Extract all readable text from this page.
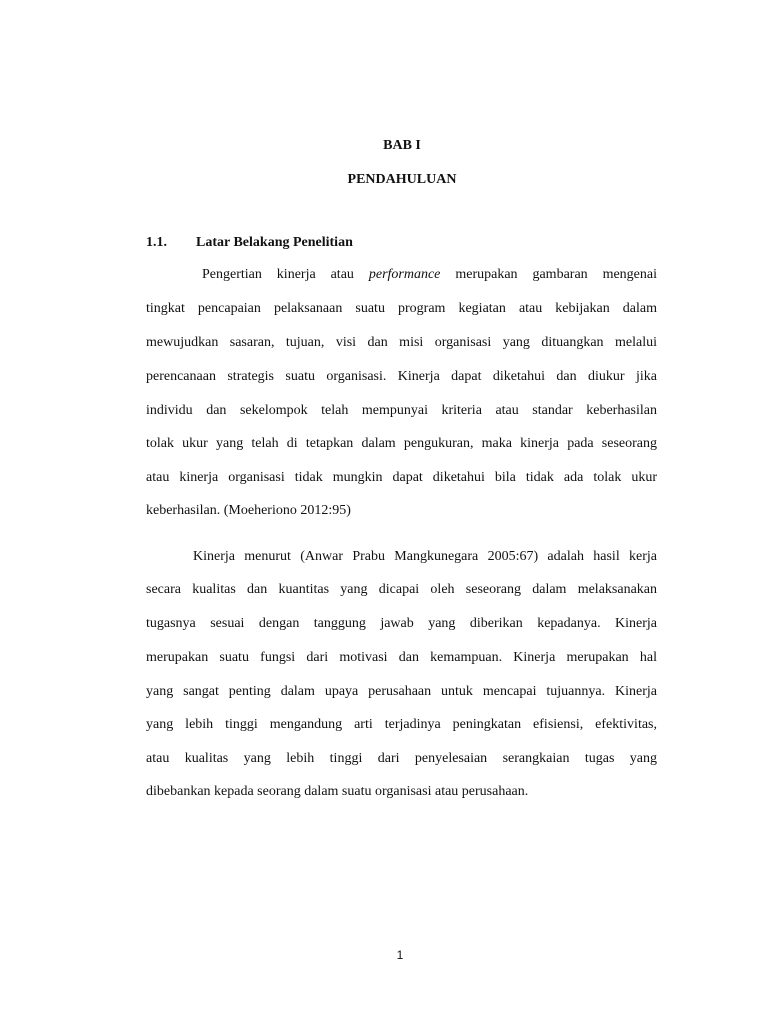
BAB I
PENDAHULUAN
1.1. Latar Belakang Penelitian
Pengertian kinerja atau performance merupakan gambaran mengenai
tingkat pencapaian pelaksanaan suatu program kegiatan atau kebijakan dalam
mewujudkan sasaran, tujuan, visi dan misi organisasi yang dituangkan melalui
perencanaan strategis suatu organisasi. Kinerja dapat diketahui dan diukur jika
individu dan sekelompok telah mempunyai kriteria atau standar keberhasilan
tolak ukur yang telah di tetapkan dalam pengukuran, maka kinerja pada seseorang
atau kinerja organisasi tidak mungkin dapat diketahui bila tidak ada tolak ukur
keberhasilan. (Moeheriono 2012:95)
Kinerja menurut (Anwar Prabu Mangkunegara 2005:67) adalah hasil kerja
secara kualitas dan kuantitas yang dicapai oleh seseorang dalam melaksanakan
tugasnya sesuai dengan tanggung jawab yang diberikan kepadanya. Kinerja
merupakan suatu fungsi dari motivasi dan kemampuan. Kinerja merupakan hal
yang sangat penting dalam upaya perusahaan untuk mencapai tujuannya. Kinerja
yang lebih tinggi mengandung arti terjadinya peningkatan efisiensi, efektivitas,
atau kualitas yang lebih tinggi dari penyelesaian serangkaian tugas yang
dibebankan kepada seorang dalam suatu organisasi atau perusahaan.
1
